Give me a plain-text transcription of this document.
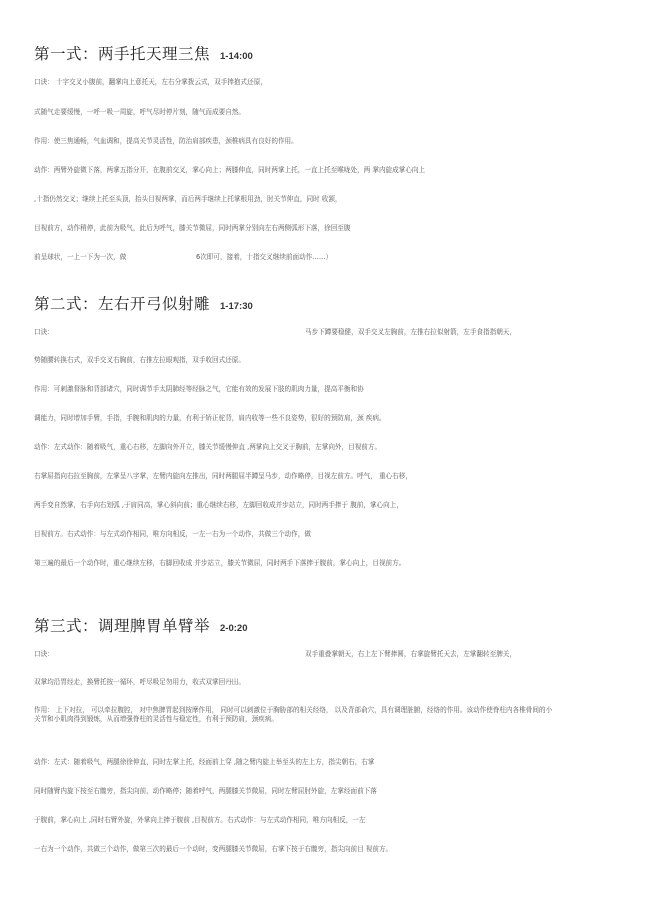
第一式：两手托天理三焦 1-14:00

口诀： 十字交叉小腹前，翻掌向上意托天，左右分掌拨云式，双手捧抱式还原，

式随气走要缓慢，一呼一吸一周旋，呼气尽时停片刻，随气而成要自然。

作用：使三焦通畅，气血调和，提高关节灵活性，防治肩部疾患，颈椎病具有良好的作用。

动作：两臂外旋微下落，两掌五指分开，在腹前交叉，掌心向上；两膝伸直，同时两掌上托，一直上托至喉咙处，两 掌内旋成掌心向上

,十指仍然交叉；继续上托至头顶，抬头目视两掌，而后两手继续上托掌根用劲，肘关节伸直，同时 收颔，

目视前方，动作稍停，此前为吸气，此后为呼气，膝关节微屈，同时两掌分别向左右两侧弧形下落，徐回至腹

前呈球状，一上一下为一次，做	6次即可，接着，十指交叉继续前面动作……）

第二式：左右开弓似射雕 1-17:30

口诀：	马步下蹲要稳健，双手交叉左胸前，左推右拉似射箭，左手食指指朝天，

势随腰转换右式，双手交叉右胸前，右推左拉眼观指，双手收回式还原。

作用：可刺激督脉和背部诸穴，同时调节手太阴肺经等经脉之气，它能有效的发展下肢的肌肉力量，提高平衡和协

调能力，同时增加手臂，手指，手腕和肌肉的力量，有利于矫正驼背，肩内收等一些不良姿势，很好的预防肩，颈 疾病。

动作：左式动作：随着吸气，重心右移，左脚向外开立，膝关节缓慢伸直 ,两掌向上交叉于胸前，左掌向外，目视前方。

右掌屈指向右拉至胸前，左掌呈八字掌，左臂内旋向左推出，同时两腿屈半蹲呈马步，动作略停，目视左前方。呼气， 重心右移，

两手变自然掌，右手向右划弧 ,于肩同高，掌心斜向前；重心继续右移，左脚回收成并步站立，同时两手捧于 腹前，掌心向上，

目视前方。右式动作：与左式动作相同，唯方向相反，一左一右为一个动作，共做三个动作，做

第三遍的最后一个动作时，重心继续左移，右脚回收成 并步站立，膝关节微屈，同时两手下落捧于腹前，掌心向上，目视前方。

第三式：调理脾胃单臂举 2-0:20

口诀：	双手重叠掌朝天，右上左下臂捧圆，右掌旋臂托天去，左掌翻转至脾关，

双掌均沿胃经走，换臂托按一循环，呼尽吸足勿用力，收式双掌回丹田。

作用： 上下对拉， 可以牵拉腹腔， 对中焦脾胃起到按摩作用， 同时可以刺激位于胸胁部的相关经络， 以及背部俞穴，具有调理脏腑，经络的作用。该动作使脊柱内各椎骨间的小关节和小肌肉得到锻炼，从而增强脊柱的灵活性与稳定性，有利于预防肩，颈疾病。

动作：左式：随着吸气，两腿徐徐伸直，同时左掌上托，经面前上穿 ,随之臂内旋上举至头的左上方，指尖朝右，右掌

同时随臂内旋下按至右髋旁，指尖向前，动作略停；随着呼气，两腿膝关节微屈，同时左臂屈肘外旋，左掌经面前下落

于腹前，掌心向上 ,同时右臂外旋，外掌向上捧于腹前 ,目视前方。右式动作：与左式动作相同，唯方向相反，一左

一右为一个动作，共做三个动作，做第三次的最后一个动时，变两腿膝关节微屈，右掌下按于右髋旁，指尖向前目 视前方。
